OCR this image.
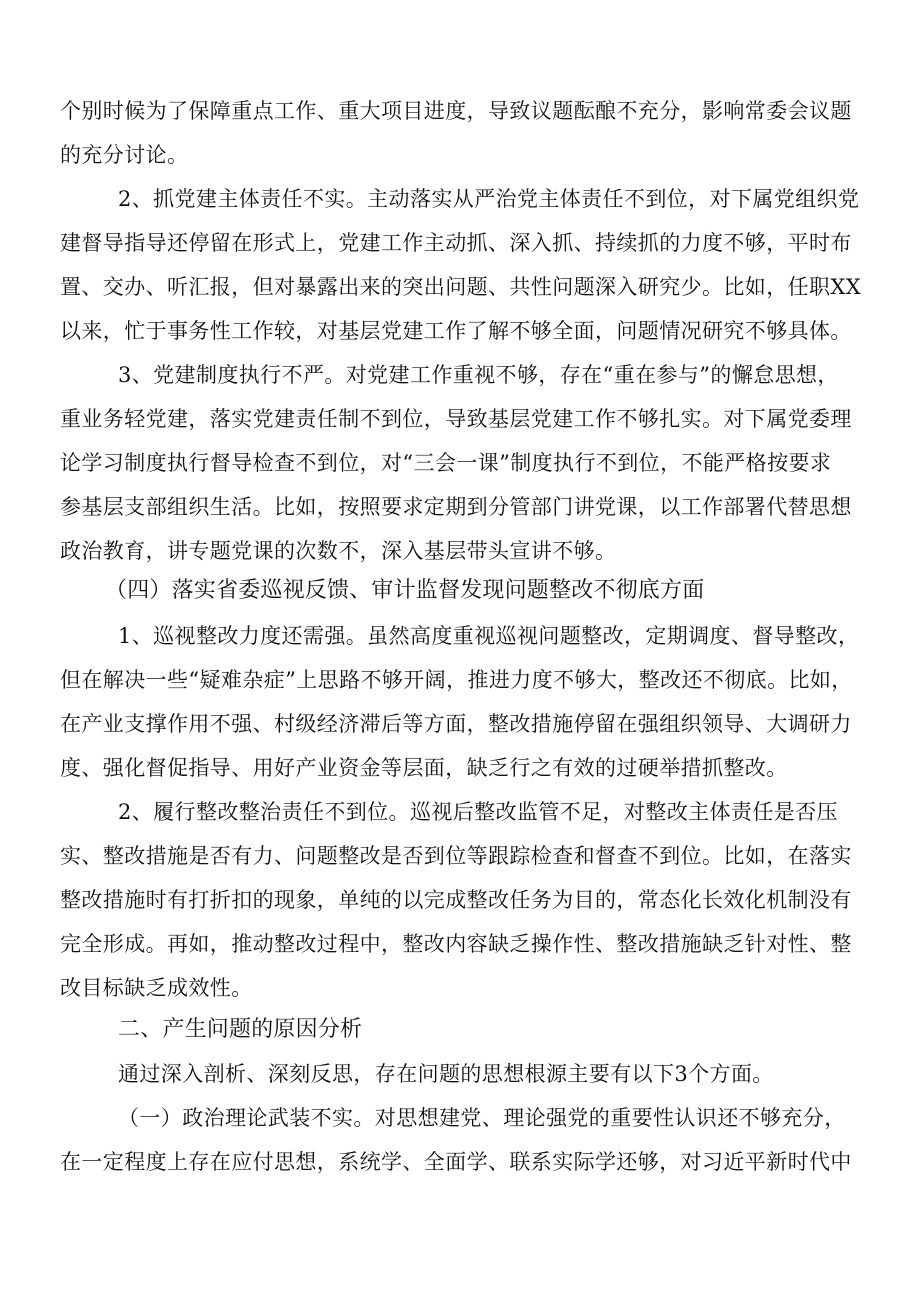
个别时候为了保障重点工作、重大项目进度，导致议题酝酿不充分，影响常委会议题
的充分讨论。
2、抓党建主体责任不实。主动落实从严治党主体责任不到位，对下属党组织党
建督导指导还停留在形式上，党建工作主动抓、深入抓、持续抓的力度不够，平时布
置、交办、听汇报，但对暴露出来的突出问题、共性问题深入研究少。比如，任职XX
以来，忙于事务性工作较，对基层党建工作了解不够全面，问题情况研究不够具体。
3、党建制度执行不严。对党建工作重视不够，存在“重在参与”的懈怠思想，
重业务轻党建，落实党建责任制不到位，导致基层党建工作不够扎实。对下属党委理
论学习制度执行督导检查不到位，对“三会一课”制度执行不到位，不能严格按要求
参基层支部组织生活。比如，按照要求定期到分管部门讲党课，以工作部署代替思想
政治教育，讲专题党课的次数不，深入基层带头宣讲不够。
（四）落实省委巡视反馈、审计监督发现问题整改不彻底方面
1、巡视整改力度还需强。虽然高度重视巡视问题整改，定期调度、督导整改，
但在解决一些“疑难杂症”上思路不够开阔，推进力度不够大，整改还不彻底。比如，
在产业支撑作用不强、村级经济滞后等方面，整改措施停留在强组织领导、大调研力
度、强化督促指导、用好产业资金等层面，缺乏行之有效的过硬举措抓整改。
2、履行整改整治责任不到位。巡视后整改监管不足，对整改主体责任是否压
实、整改措施是否有力、问题整改是否到位等跟踪检查和督查不到位。比如，在落实
整改措施时有打折扣的现象，单纯的以完成整改任务为目的，常态化长效化机制没有
完全形成。再如，推动整改过程中，整改内容缺乏操作性、整改措施缺乏针对性、整
改目标缺乏成效性。
二、产生问题的原因分析
通过深入剖析、深刻反思，存在问题的思想根源主要有以下3个方面。
（一）政治理论武装不实。对思想建党、理论强党的重要性认识还不够充分，
在一定程度上存在应付思想，系统学、全面学、联系实际学还够，对习近平新时代中
